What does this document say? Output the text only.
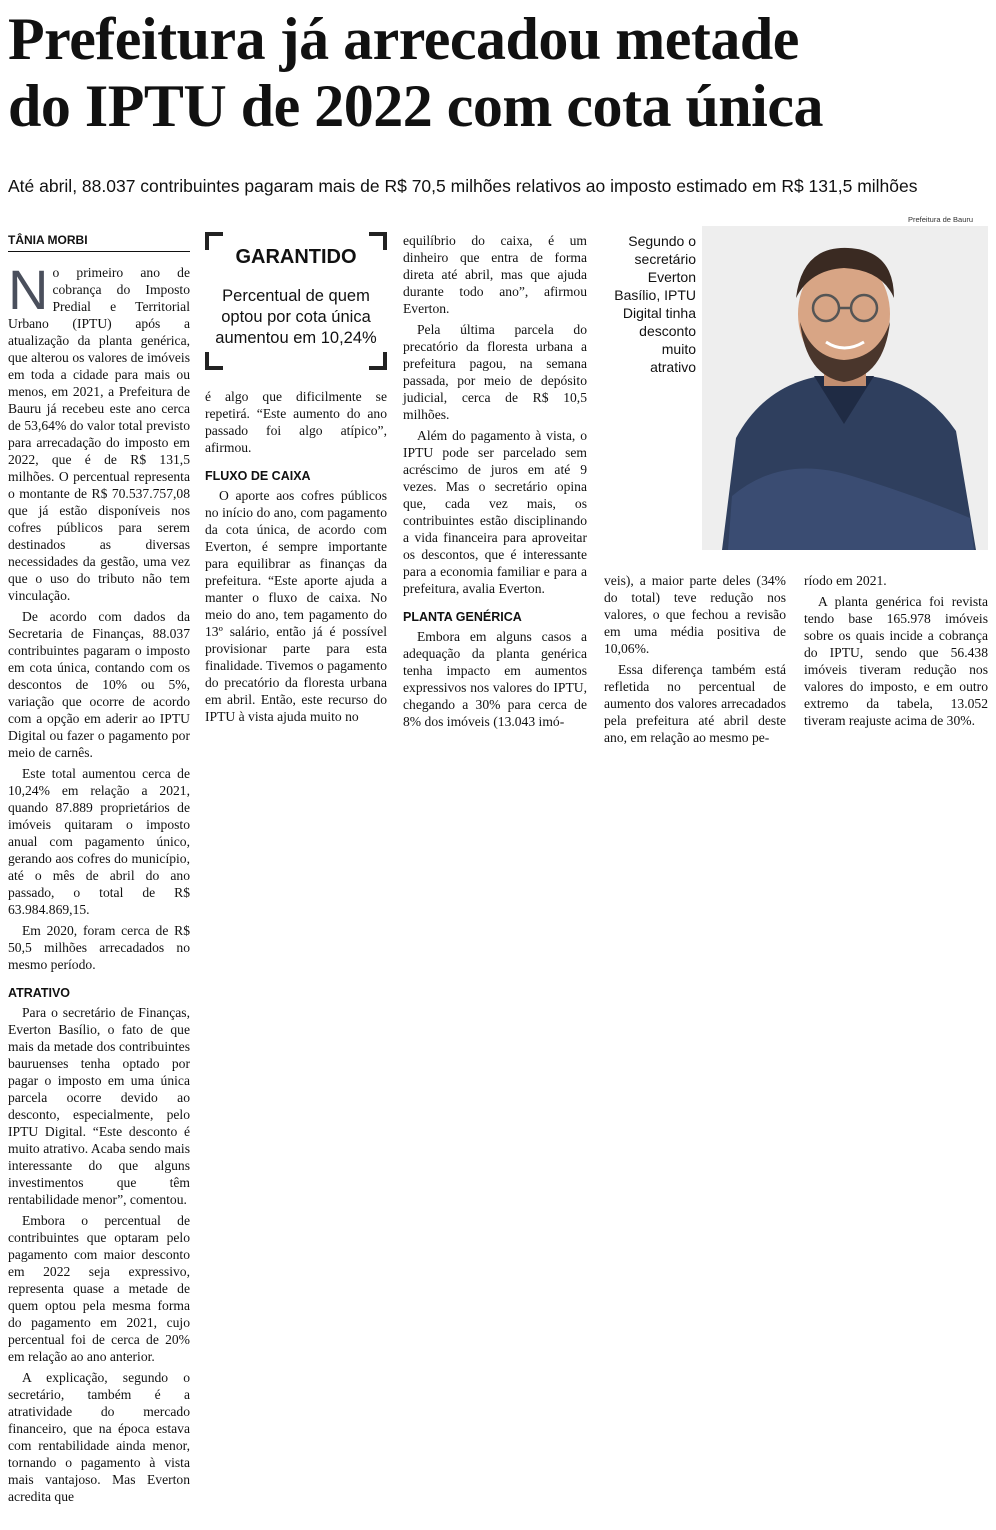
Prefeitura já arrecadou metade
do IPTU de 2022 com cota única

Até abril, 88.037 contribuintes pagaram mais de R$ 70,5 milhões relativos ao imposto estimado em R$ 131,5 milhões

TÂNIA MORBI

No primeiro ano de cobrança do Imposto Predial e Territorial Urbano (IPTU) após a atualização da planta genérica, que alterou os valores de imóveis em toda a cidade para mais ou menos, em 2021, a Prefeitura de Bauru já recebeu este ano cerca de 53,64% do valor total previsto para arrecadação do imposto em 2022, que é de R$ 131,5 milhões. O percentual representa o montante de R$ 70.537.757,08 que já estão disponíveis nos cofres públicos para serem destinados as diversas necessidades da gestão, uma vez que o uso do tributo não tem vinculação.

De acordo com dados da Secretaria de Finanças, 88.037 contribuintes pagaram o imposto em cota única, contando com os descontos de 10% ou 5%, variação que ocorre de acordo com a opção em aderir ao IPTU Digital ou fazer o pagamento por meio de carnês.

Este total aumentou cerca de 10,24% em relação a 2021, quando 87.889 proprietários de imóveis quitaram o imposto anual com pagamento único, gerando aos cofres do município, até o mês de abril do ano passado, o total de R$ 63.984.869,15.

Em 2020, foram cerca de R$ 50,5 milhões arrecadados no mesmo período.

ATRATIVO

Para o secretário de Finanças, Everton Basílio, o fato de que mais da metade dos contribuintes bauruenses tenha optado por pagar o imposto em uma única parcela ocorre devido ao desconto, especialmente, pelo IPTU Digital. “Este desconto é muito atrativo. Acaba sendo mais interessante do que alguns investimentos que têm rentabilidade menor”, comentou.

Embora o percentual de contribuintes que optaram pelo pagamento com maior desconto em 2022 seja expressivo, representa quase a metade de quem optou pela mesma forma do pagamento em 2021, cujo percentual foi de cerca de 20% em relação ao ano anterior.

A explicação, segundo o secretário, também é a atratividade do mercado financeiro, que na época estava com rentabilidade ainda menor, tornando o pagamento à vista mais vantajoso. Mas Everton acredita que

GARANTIDO
Percentual de quem optou por cota única aumentou em 10,24%

é algo que dificilmente se repetirá. “Este aumento do ano passado foi algo atípico”, afirmou.

FLUXO DE CAIXA

O aporte aos cofres públicos no início do ano, com pagamento da cota única, de acordo com Everton, é sempre importante para equilibrar as finanças da prefeitura. “Este aporte ajuda a manter o fluxo de caixa. No meio do ano, tem pagamento do 13º salário, então já é possível provisionar parte para esta finalidade. Tivemos o pagamento do precatório da floresta urbana em abril. Então, este recurso do IPTU à vista ajuda muito no

equilíbrio do caixa, é um dinheiro que entra de forma direta até abril, mas que ajuda durante todo ano”, afirmou Everton.

Pela última parcela do precatório da floresta urbana a prefeitura pagou, na semana passada, por meio de depósito judicial, cerca de R$ 10,5 milhões.

Além do pagamento à vista, o IPTU pode ser parcelado sem acréscimo de juros em até 9 vezes. Mas o secretário opina que, cada vez mais, os contribuintes estão disciplinando a vida financeira para aproveitar os descontos, que é interessante para a economia familiar e para a prefeitura, avalia Everton.

PLANTA GENÉRICA

Embora em alguns casos a adequação da planta genérica tenha impacto em aumentos expressivos nos valores do IPTU, chegando a 30% para cerca de 8% dos imóveis (13.043 imó-

Prefeitura de Bauru
Segundo o secretário Everton Basílio, IPTU Digital tinha desconto muito atrativo

veis), a maior parte deles (34% do total) teve redução nos valores, o que fechou a revisão em uma média positiva de 10,06%.

Essa diferença também está refletida no percentual de aumento dos valores arrecadados pela prefeitura até abril deste ano, em relação ao mesmo pe-

ríodo em 2021.

A planta genérica foi revista tendo base 165.978 imóveis sobre os quais incide a cobrança do IPTU, sendo que 56.438 imóveis tiveram redução nos valores do imposto, e em outro extremo da tabela, 13.052 tiveram reajuste acima de 30%.
